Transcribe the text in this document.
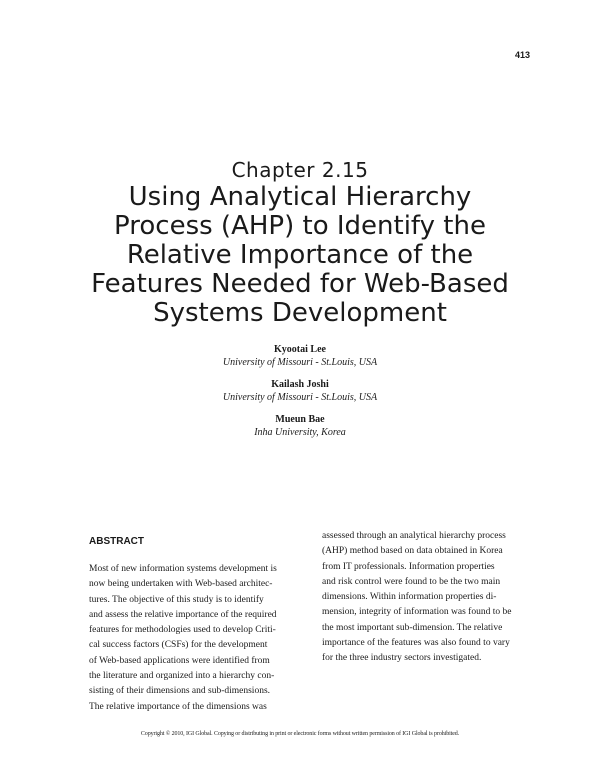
413
Chapter 2.15
Using Analytical Hierarchy
Process (AHP) to Identify the
Relative Importance of the
Features Needed for Web-Based
Systems Development
Kyootai Lee
University of Missouri - St.Louis, USA
Kailash Joshi
University of Missouri - St.Louis, USA
Mueun Bae
Inha University, Korea
ABSTRACT
Most of new information systems development is
now being undertaken with Web-based architec-
tures. The objective of this study is to identify
and assess the relative importance of the required
features for methodologies used to develop Criti-
cal success factors (CSFs) for the development
of Web-based applications were identified from
the literature and organized into a hierarchy con-
sisting of their dimensions and sub-dimensions.
The relative importance of the dimensions was
assessed through an analytical hierarchy process
(AHP) method based on data obtained in Korea
from IT professionals. Information properties
and risk control were found to be the two main
dimensions. Within information properties di-
mension, integrity of information was found to be
the most important sub-dimension. The relative
importance of the features was also found to vary
for the three industry sectors investigated.
Copyright © 2010, IGI Global. Copying or distributing in print or electronic forms without written permission of IGI Global is prohibited.
